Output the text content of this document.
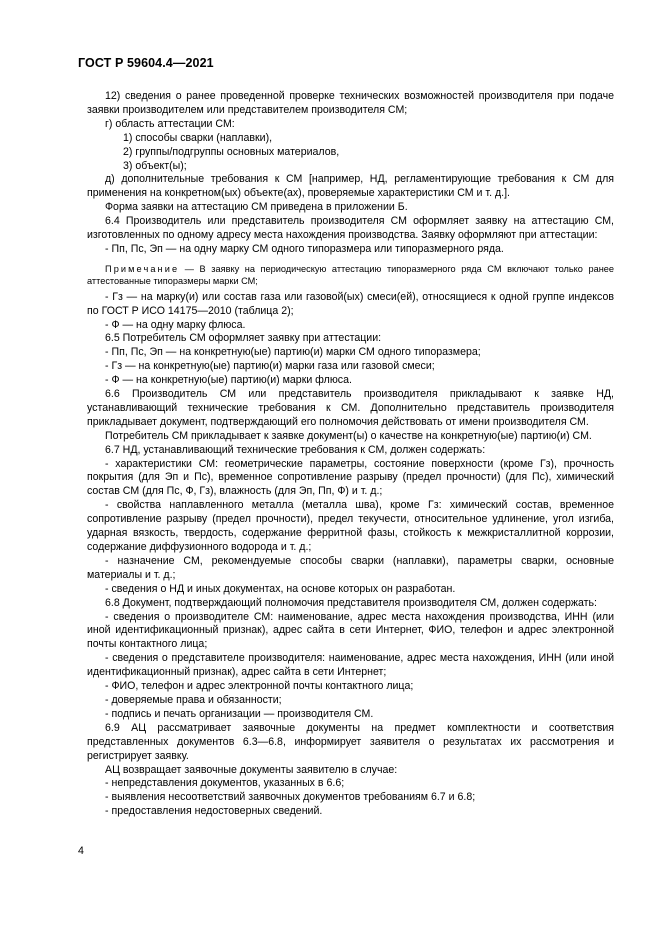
ГОСТ Р 59604.4—2021

12) сведения о ранее проведенной проверке технических возможностей производителя при подаче заявки производителем или представителем производителя СМ;

г) область аттестации СМ:

1) способы сварки (наплавки),

2) группы/подгруппы основных материалов,

3) объект(ы);

д) дополнительные требования к СМ [например, НД, регламентирующие требования к СМ для применения на конкретном(ых) объекте(ах), проверяемые характеристики СМ и т. д.].

Форма заявки на аттестацию СМ приведена в приложении Б.

6.4 Производитель или представитель производителя СМ оформляет заявку на аттестацию СМ, изготовленных по одному адресу места нахождения производства. Заявку оформляют при аттестации:

- Пп, Пс, Эп — на одну марку СМ одного типоразмера или типоразмерного ряда.

Примечание — В заявку на периодическую аттестацию типоразмерного ряда СМ включают только ранее аттестованные типоразмеры марки СМ;

- Гз — на марку(и) или состав газа или газовой(ых) смеси(ей), относящиеся к одной группе индексов по ГОСТ Р ИСО 14175—2010 (таблица 2);

- Ф — на одну марку флюса.

6.5 Потребитель СМ оформляет заявку при аттестации:

- Пп, Пс, Эп — на конкретную(ые) партию(и) марки СМ одного типоразмера;

- Гз — на конкретную(ые) партию(и) марки газа или газовой смеси;

- Ф — на конкретную(ые) партию(и) марки флюса.

6.6 Производитель СМ или представитель производителя прикладывают к заявке НД, устанавливающий технические требования к СМ. Дополнительно представитель производителя прикладывает документ, подтверждающий его полномочия действовать от имени производителя СМ.

Потребитель СМ прикладывает к заявке документ(ы) о качестве на конкретную(ые) партию(и) СМ.

6.7 НД, устанавливающий технические требования к СМ, должен содержать:

- характеристики СМ: геометрические параметры, состояние поверхности (кроме Гз), прочность покрытия (для Эп и Пс), временное сопротивление разрыву (предел прочности) (для Пс), химический состав СМ (для Пс, Ф, Гз), влажность (для Эп, Пп, Ф) и т. д.;

- свойства наплавленного металла (металла шва), кроме Гз: химический состав, временное сопротивление разрыву (предел прочности), предел текучести, относительное удлинение, угол изгиба, ударная вязкость, твердость, содержание ферритной фазы, стойкость к межкристаллитной коррозии, содержание диффузионного водорода и т. д.;

- назначение СМ, рекомендуемые способы сварки (наплавки), параметры сварки, основные материалы и т. д.;

- сведения о НД и иных документах, на основе которых он разработан.

6.8 Документ, подтверждающий полномочия представителя производителя СМ, должен содержать:

- сведения о производителе СМ: наименование, адрес места нахождения производства, ИНН (или иной идентификационный признак), адрес сайта в сети Интернет, ФИО, телефон и адрес электронной почты контактного лица;

- сведения о представителе производителя: наименование, адрес места нахождения, ИНН (или иной идентификационный признак), адрес сайта в сети Интернет;

- ФИО, телефон и адрес электронной почты контактного лица;

- доверяемые права и обязанности;

- подпись и печать организации — производителя СМ.

6.9 АЦ рассматривает заявочные документы на предмет комплектности и соответствия представленных документов 6.3—6.8, информирует заявителя о результатах их рассмотрения и регистрирует заявку.

АЦ возвращает заявочные документы заявителю в случае:

- непредставления документов, указанных в 6.6;

- выявления несоответствий заявочных документов требованиям 6.7 и 6.8;

- предоставления недостоверных сведений.

4
